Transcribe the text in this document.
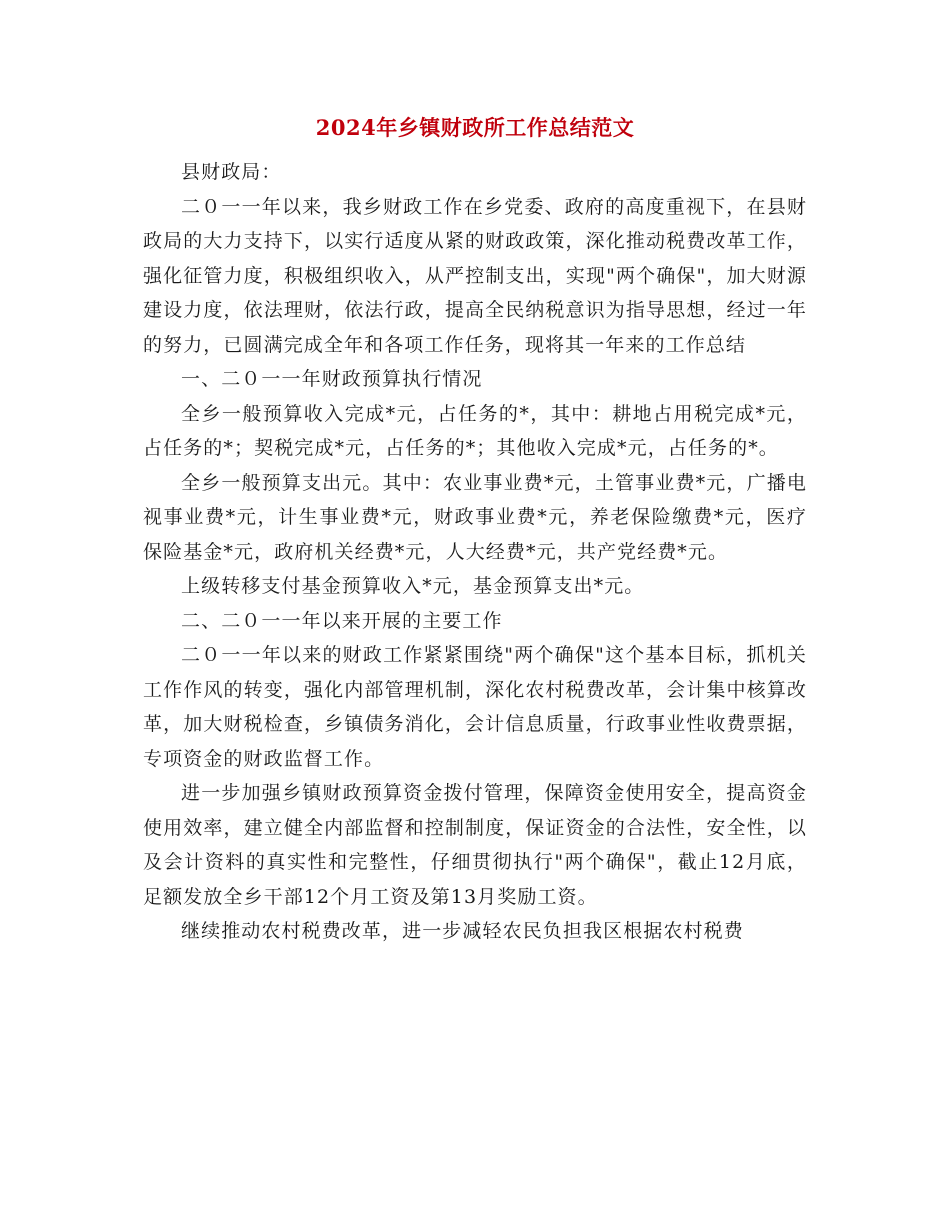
2024年乡镇财政所工作总结范文

县财政局：

二０一一年以来，我乡财政工作在乡党委、政府的高度重视下，在县财政局的大力支持下，以实行适度从紧的财政政策，深化推动税费改革工作，强化征管力度，积极组织收入，从严控制支出，实现"两个确保"，加大财源建设力度，依法理财，依法行政，提高全民纳税意识为指导思想，经过一年的努力，已圆满完成全年和各项工作任务，现将其一年来的工作总结

一、二０一一年财政预算执行情况

全乡一般预算收入完成*元，占任务的*，其中：耕地占用税完成*元，占任务的*；契税完成*元，占任务的*；其他收入完成*元，占任务的*。

全乡一般预算支出元。其中：农业事业费*元，土管事业费*元，广播电视事业费*元，计生事业费*元，财政事业费*元，养老保险缴费*元，医疗保险基金*元，政府机关经费*元，人大经费*元，共产党经费*元。

上级转移支付基金预算收入*元，基金预算支出*元。

二、二０一一年以来开展的主要工作

二０一一年以来的财政工作紧紧围绕"两个确保"这个基本目标，抓机关工作作风的转变，强化内部管理机制，深化农村税费改革，会计集中核算改革，加大财税检查，乡镇债务消化，会计信息质量，行政事业性收费票据，专项资金的财政监督工作。

进一步加强乡镇财政预算资金拨付管理，保障资金使用安全，提高资金使用效率，建立健全内部监督和控制制度，保证资金的合法性，安全性，以及会计资料的真实性和完整性，仔细贯彻执行"两个确保"，截止12月底，足额发放全乡干部12个月工资及第13月奖励工资。

继续推动农村税费改革，进一步减轻农民负担我区根据农村税费
